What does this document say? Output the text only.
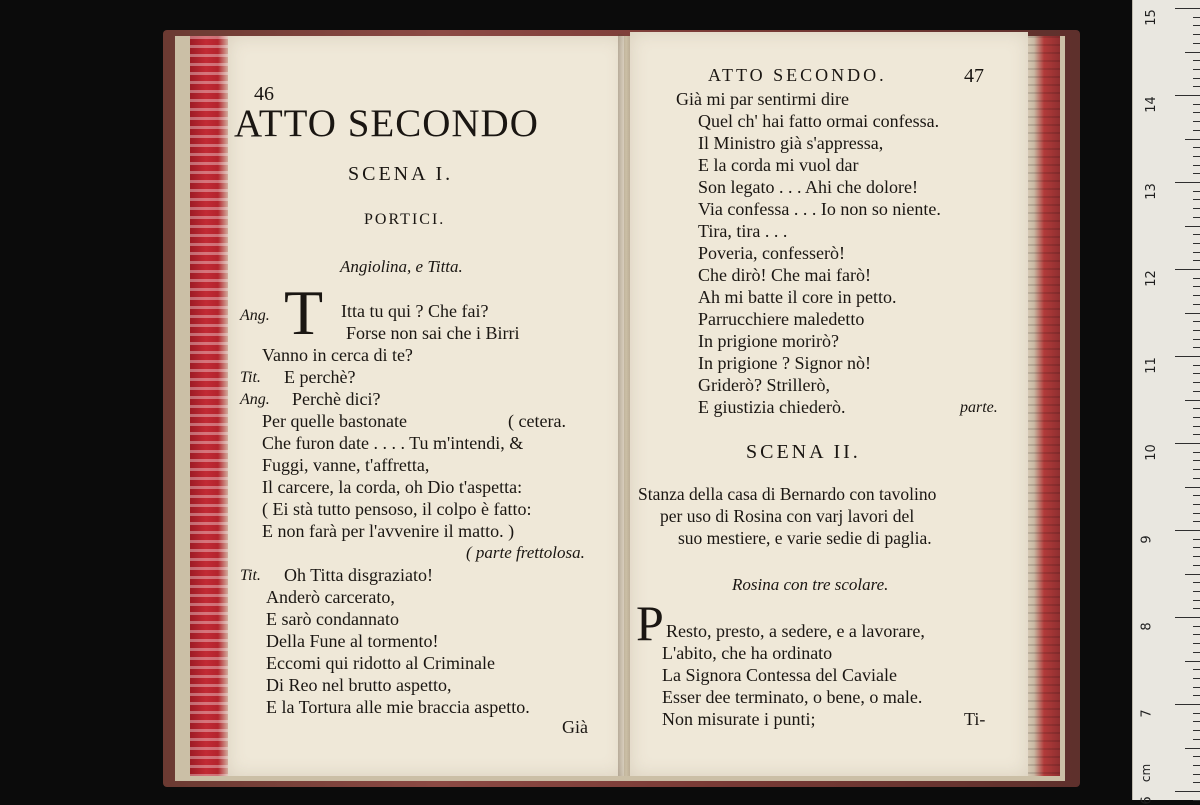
46
ATTO SECONDO
SCENA I.
PORTICI.
Angiolina, e Titta.
T
Ang.	Itta tu qui ? Che fai?
Forse non sai che i Birri
Vanno in cerca di te?
Tit. E perchè?
Ang. Perchè dici?
Per quelle bastonate	( cetera.
Che furon date . . . . Tu m'intendi, &
Fuggi, vanne, t'affretta,
Il carcere, la corda, oh Dio t'aspetta:
( Ei stà tutto pensoso, il colpo è fatto:
E non farà per l'avvenire il matto. )
( parte frettolosa.
Tit. Oh Titta disgraziato!
Anderò carcerato,
E sarò condannato
Della Fune al tormento!
Eccomi qui ridotto al Criminale
Di Reo nel brutto aspetto,
E la Tortura alle mie braccia aspetto.
Già
ATTO SECONDO.	47
Già mi par sentirmi dire
Quel ch' hai fatto ormai confessa.
Il Ministro già s'appressa,
E la corda mi vuol dar
Son legato . . . Ahi che dolore!
Via confessa . . . Io non so niente.
Tira, tira . . .
Poveria, confesserò!
Che dirò! Che mai farò!
Ah mi batte il core in petto.
Parrucchiere maledetto
In prigione morirò?
In prigione ? Signor nò!
Griderò? Strillerò,
E giustizia chiederò.	parte.
SCENA II.
Stanza della casa di Bernardo con tavolino
per uso di Rosina con varj lavori del
suo mestiere, e varie sedie di paglia.
Rosina con tre scolare.
P Resto, presto, a sedere, e a lavorare,
L'abito, che ha ordinato
La Signora Contessa del Caviale
Esser dee terminato, o bene, o male.
Non misurate i punti;	Ti-
cm
6
7
8
9
10
11
12
13
14
15
